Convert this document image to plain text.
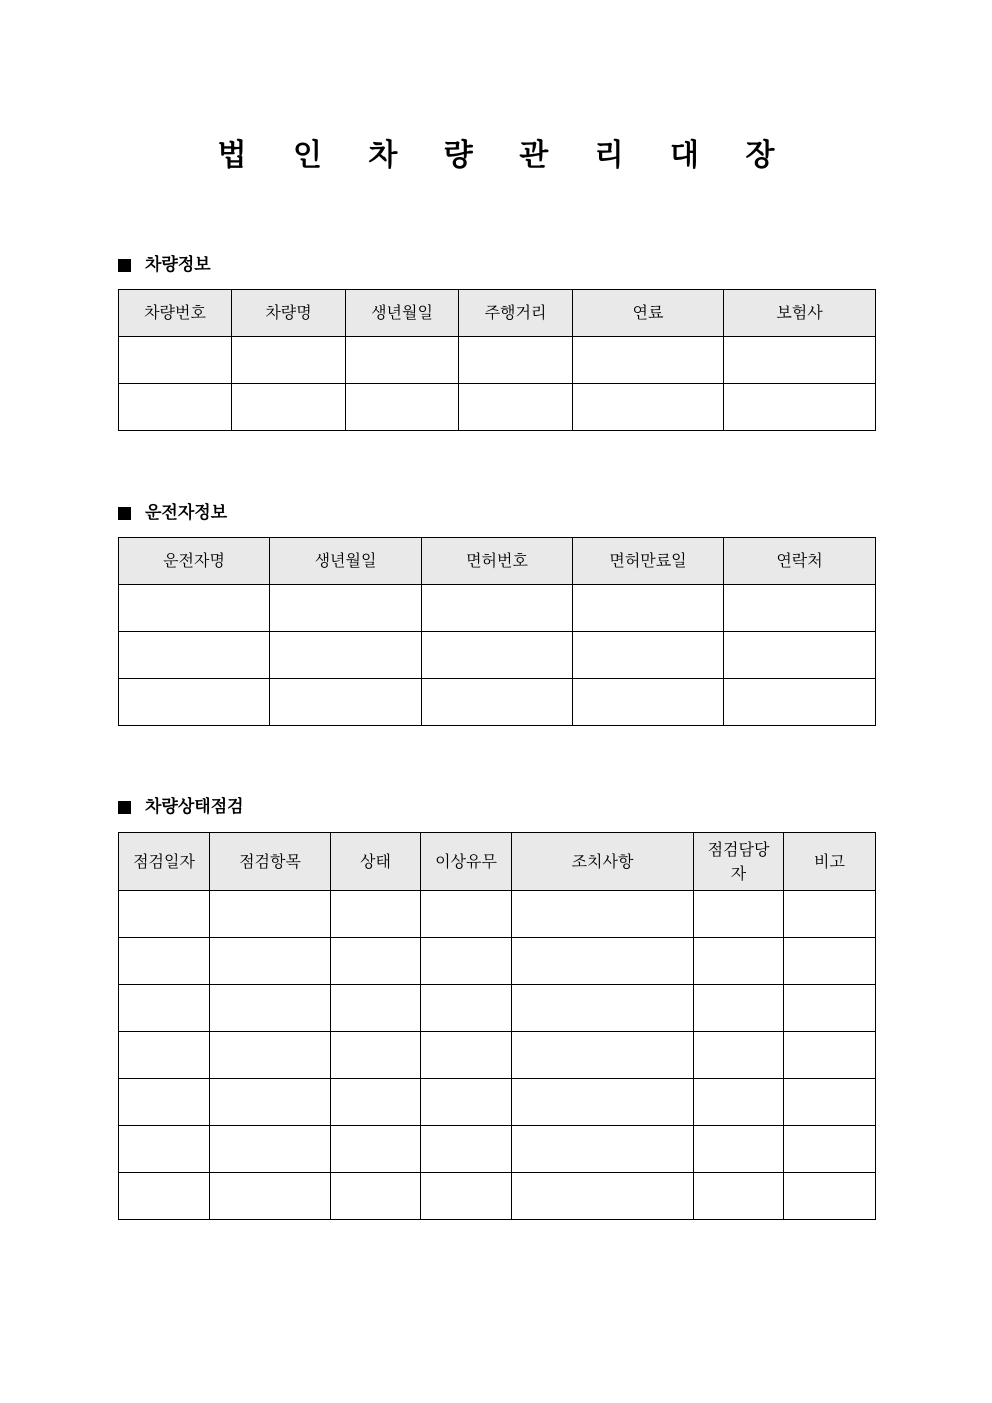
법 인 차 량 관 리 대 장
차량정보
차량번호	차량명	생년월일	주행거리	연료	보험사

운전자정보
운전자명	생년월일	면허번호	면허만료일	연락처

차량상태점검
점검일자	점검항목	상태	이상유무	조치사항	점검담당자	비고
